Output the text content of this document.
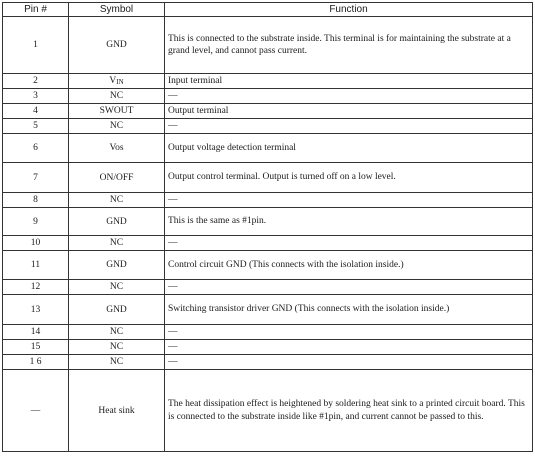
Pin #	Symbol	Function
1	GND	This is connected to the substrate inside. This terminal is for maintaining the substrate at a grand level, and cannot pass current.
2	VIN	Input terminal
3	NC	—
4	SWOUT	Output terminal
5	NC	—
6	Vos	Output voltage detection terminal
7	ON/OFF	Output control terminal. Output is turned off on a low level.
8	NC	—
9	GND	This is the same as #1pin.
10	NC	—
11	GND	Control circuit GND (This connects with the isolation inside.)
12	NC	—
13	GND	Switching transistor driver GND (This connects with the isolation inside.)
14	NC	—
15	NC	—
1 6	NC	—
—	Heat sink	The heat dissipation effect is heightened by soldering heat sink to a printed circuit board. This is connected to the substrate inside like #1pin, and current cannot be passed to this.
